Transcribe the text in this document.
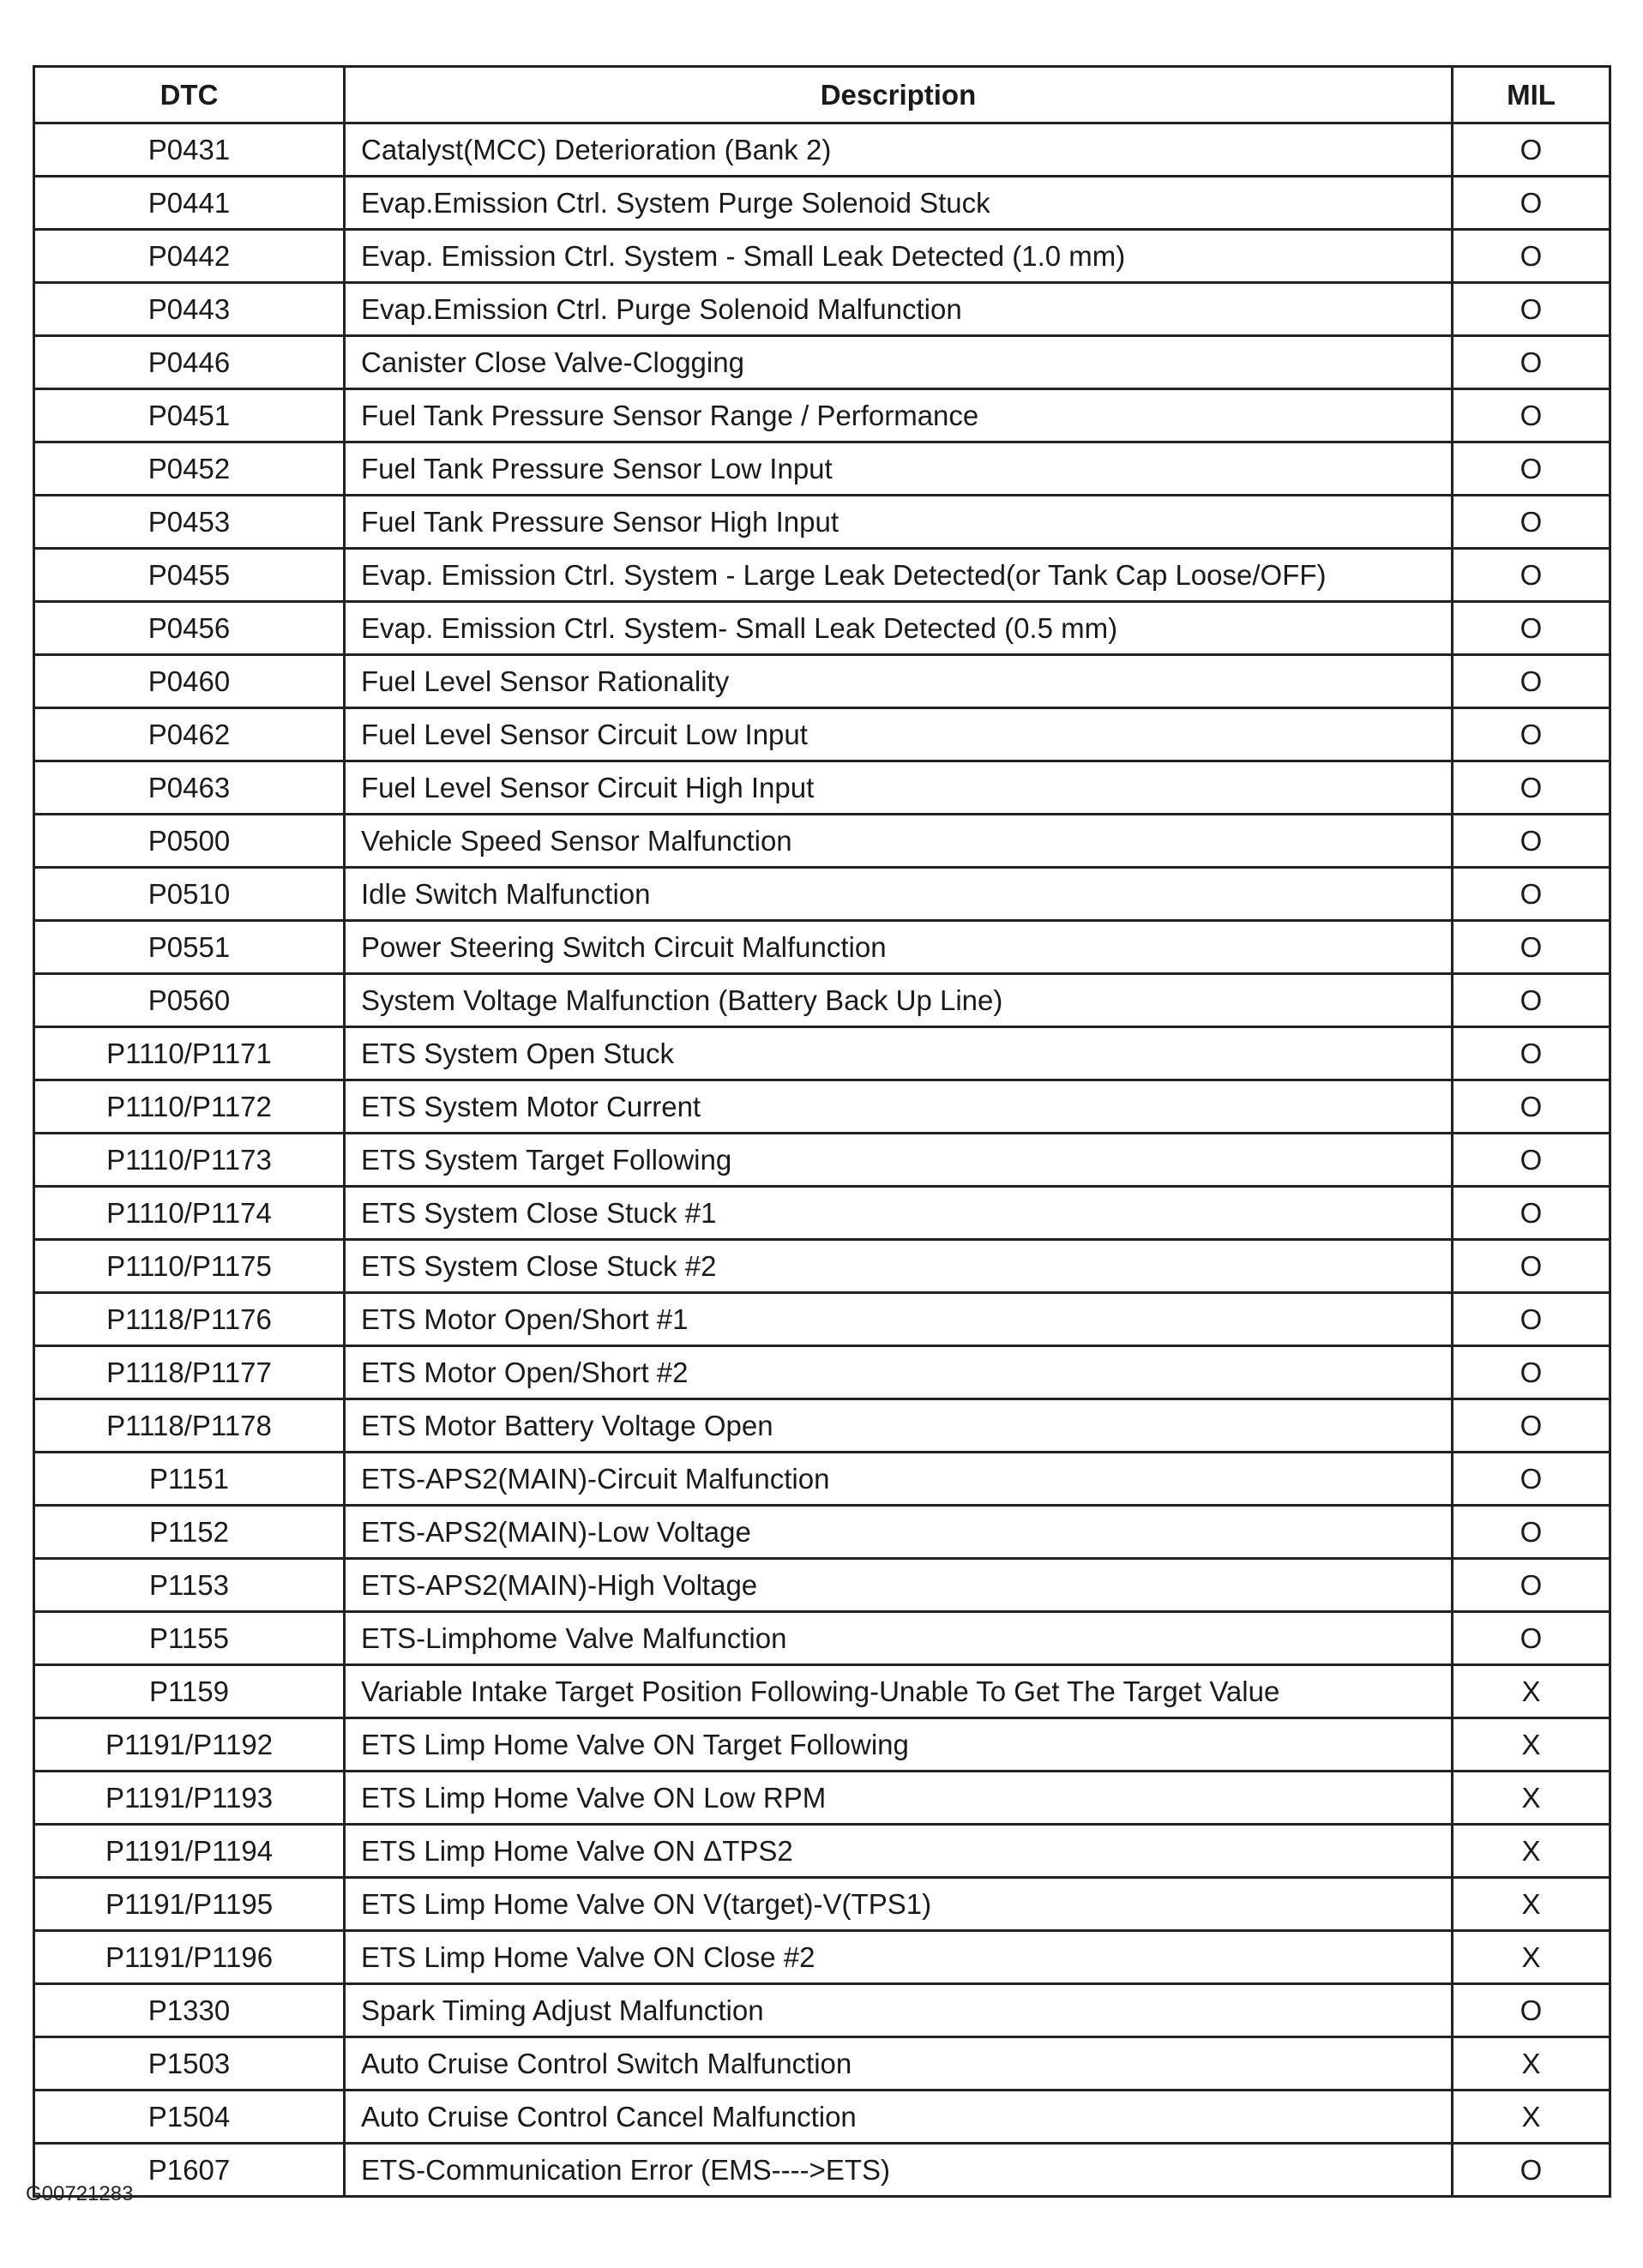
DTC	Description	MIL
P0431	Catalyst(MCC) Deterioration (Bank 2)	O
P0441	Evap.Emission Ctrl. System Purge Solenoid Stuck	O
P0442	Evap. Emission Ctrl. System - Small Leak Detected (1.0 mm)	O
P0443	Evap.Emission Ctrl. Purge Solenoid Malfunction	O
P0446	Canister Close Valve-Clogging	O
P0451	Fuel Tank Pressure Sensor Range / Performance	O
P0452	Fuel Tank Pressure Sensor Low Input	O
P0453	Fuel Tank Pressure Sensor High Input	O
P0455	Evap. Emission Ctrl. System - Large Leak Detected(or Tank Cap Loose/OFF)	O
P0456	Evap. Emission Ctrl. System- Small Leak Detected (0.5 mm)	O
P0460	Fuel Level Sensor Rationality	O
P0462	Fuel Level Sensor Circuit Low Input	O
P0463	Fuel Level Sensor Circuit High Input	O
P0500	Vehicle Speed Sensor Malfunction	O
P0510	Idle Switch Malfunction	O
P0551	Power Steering Switch Circuit Malfunction	O
P0560	System Voltage Malfunction (Battery Back Up Line)	O
P1110/P1171	ETS System Open Stuck	O
P1110/P1172	ETS System Motor Current	O
P1110/P1173	ETS System Target Following	O
P1110/P1174	ETS System Close Stuck #1	O
P1110/P1175	ETS System Close Stuck #2	O
P1118/P1176	ETS Motor Open/Short #1	O
P1118/P1177	ETS Motor Open/Short #2	O
P1118/P1178	ETS Motor Battery Voltage Open	O
P1151	ETS-APS2(MAIN)-Circuit Malfunction	O
P1152	ETS-APS2(MAIN)-Low Voltage	O
P1153	ETS-APS2(MAIN)-High Voltage	O
P1155	ETS-Limphome Valve Malfunction	O
P1159	Variable Intake Target Position Following-Unable To Get The Target Value	X
P1191/P1192	ETS Limp Home Valve ON Target Following	X
P1191/P1193	ETS Limp Home Valve ON Low RPM	X
P1191/P1194	ETS Limp Home Valve ON ΔTPS2	X
P1191/P1195	ETS Limp Home Valve ON V(target)-V(TPS1)	X
P1191/P1196	ETS Limp Home Valve ON Close #2	X
P1330	Spark Timing Adjust Malfunction	O
P1503	Auto Cruise Control Switch Malfunction	X
P1504	Auto Cruise Control Cancel Malfunction	X
P1607	ETS-Communication Error (EMS---->ETS)	O
G00721283
